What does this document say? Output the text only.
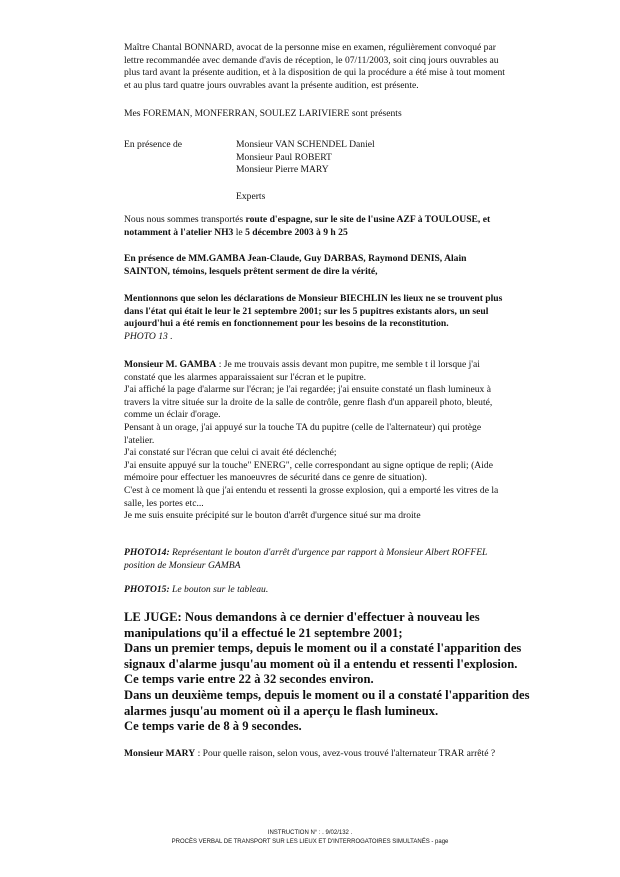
Maître Chantal BONNARD, avocat de la personne mise en examen, régulièrement convoqué par
lettre recommandée avec demande d'avis de réception, le 07/11/2003, soit cinq jours ouvrables au
plus tard avant la présente audition, et à la disposition de qui la procédure a été mise à tout moment
et au plus tard quatre jours ouvrables avant la présente audition, est présente.

Mes FOREMAN, MONFERRAN, SOULEZ LARIVIERE sont présents

En présence de	Monsieur VAN SCHENDEL Daniel
Monsieur Paul ROBERT
Monsieur Pierre MARY
Experts

Nous nous sommes transportés route d'espagne, sur le site de l'usine AZF à TOULOUSE, et
notamment à l'atelier NH3 le 5 décembre 2003 à 9 h 25

En présence de MM.GAMBA Jean-Claude, Guy DARBAS, Raymond DENIS, Alain
SAINTON, témoins, lesquels prêtent serment de dire la vérité,

Mentionnons que selon les déclarations de Monsieur BIECHLIN les lieux ne se trouvent plus
dans l'état qui était le leur le 21 septembre 2001; sur les 5 pupitres existants alors, un seul
aujourd'hui a été remis en fonctionnement pour les besoins de la reconstitution.
PHOTO 13 .

Monsieur M. GAMBA : Je me trouvais assis devant mon pupitre, me semble t il lorsque j'ai
constaté que les alarmes apparaissaient sur l'écran et le pupitre.
J'ai affiché la page d'alarme sur l'écran; je l'ai regardée; j'ai ensuite constaté un flash lumineux à
travers la vitre située sur la droite de la salle de contrôle, genre flash d'un appareil photo, bleuté,
comme un éclair d'orage.
Pensant à un orage, j'ai appuyé sur la touche TA du pupitre (celle de l'alternateur) qui protège
l'atelier.
J'ai constaté sur l'écran que celui ci avait été déclenché;
J'ai ensuite appuyé sur la touche" ENERG", celle correspondant au signe optique de repli; (Aide
mémoire pour effectuer les manoeuvres de sécurité dans ce genre de situation).
C'est à ce moment là que j'ai entendu et ressenti la grosse explosion, qui a emporté les vitres de la
salle, les portes etc...
Je me suis ensuite précipité sur le bouton d'arrêt d'urgence situé sur ma droite

PHOTO14: Représentant le bouton d'arrêt d'urgence par rapport à Monsieur Albert ROFFEL
position de Monsieur GAMBA

PHOTO15: Le bouton sur le tableau.

LE JUGE: Nous demandons à ce dernier d'effectuer à nouveau les
manipulations qu'il a effectué le 21 septembre 2001;
Dans un premier temps, depuis le moment ou il a constaté l'apparition des
signaux d'alarme jusqu'au moment où il a entendu et ressenti l'explosion.
Ce temps varie entre 22 à 32 secondes environ.
Dans un deuxième temps, depuis le moment ou il a constaté l'apparition des
alarmes jusqu'au moment où il a aperçu le flash lumineux.
Ce temps varie de 8 à 9 secondes.

Monsieur MARY : Pour quelle raison, selon vous, avez-vous trouvé l'alternateur TRAR arrêté ?

INSTRUCTION N° : . 9/02/132 .
PROCÈS VERBAL DE TRANSPORT SUR LES LIEUX ET D'INTERROGATOIRES SIMULTANÉS - page
